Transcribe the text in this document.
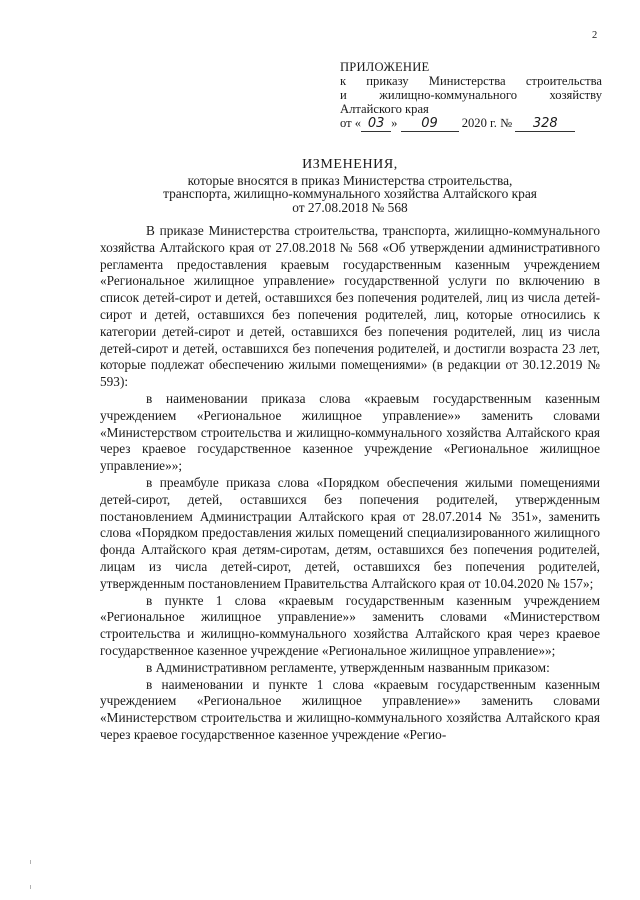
2
ПРИЛОЖЕНИЕ
к приказу Министерства строительства
и жилищно-коммунального хозяйству
Алтайского края
от « 03 » 09 2020 г. № 328
ИЗМЕНЕНИЯ,
которые вносятся в приказ Министерства строительства,
транспорта, жилищно-коммунального хозяйства Алтайского края
от 27.08.2018 № 568

В приказе Министерства строительства, транспорта, жилищно-коммунального хозяйства Алтайского края от 27.08.2018 № 568 «Об утверждении административного регламента предоставления краевым государственным казенным учреждением «Региональное жилищное управление» государственной услуги по включению в список детей-сирот и детей, оставшихся без попечения родителей, лиц из числа детей-сирот и детей, оставшихся без попечения родителей, лиц, которые относились к категории детей-сирот и детей, оставшихся без попечения родителей, лиц из числа детей-сирот и детей, оставшихся без попечения родителей, и достигли возраста 23 лет, которые подлежат обеспечению жилыми помещениями» (в редакции от 30.12.2019 № 593):

в наименовании приказа слова «краевым государственным казенным учреждением «Региональное жилищное управление»» заменить словами «Министерством строительства и жилищно-коммунального хозяйства Алтайского края через краевое государственное казенное учреждение «Региональное жилищное управление»»;

в преамбуле приказа слова «Порядком обеспечения жилыми помещениями детей-сирот, детей, оставшихся без попечения родителей, утвержденным постановлением Администрации Алтайского края от 28.07.2014 № 351», заменить слова «Порядком предоставления жилых помещений специализированного жилищного фонда Алтайского края детям-сиротам, детям, оставшихся без попечения родителей, лицам из числа детей-сирот, детей, оставшихся без попечения родителей, утвержденным постановлением Правительства Алтайского края от 10.04.2020 № 157»;

в пункте 1 слова «краевым государственным казенным учреждением «Региональное жилищное управление»» заменить словами «Министерством строительства и жилищно-коммунального хозяйства Алтайского края через краевое государственное казенное учреждение «Региональное жилищное управление»»;

в Административном регламенте, утвержденным названным приказом:

в наименовании и пункте 1 слова «краевым государственным казенным учреждением «Региональное жилищное управление»» заменить словами «Министерством строительства и жилищно-коммунального хозяйства Алтайского края через краевое государственное казенное учреждение «Регио-
